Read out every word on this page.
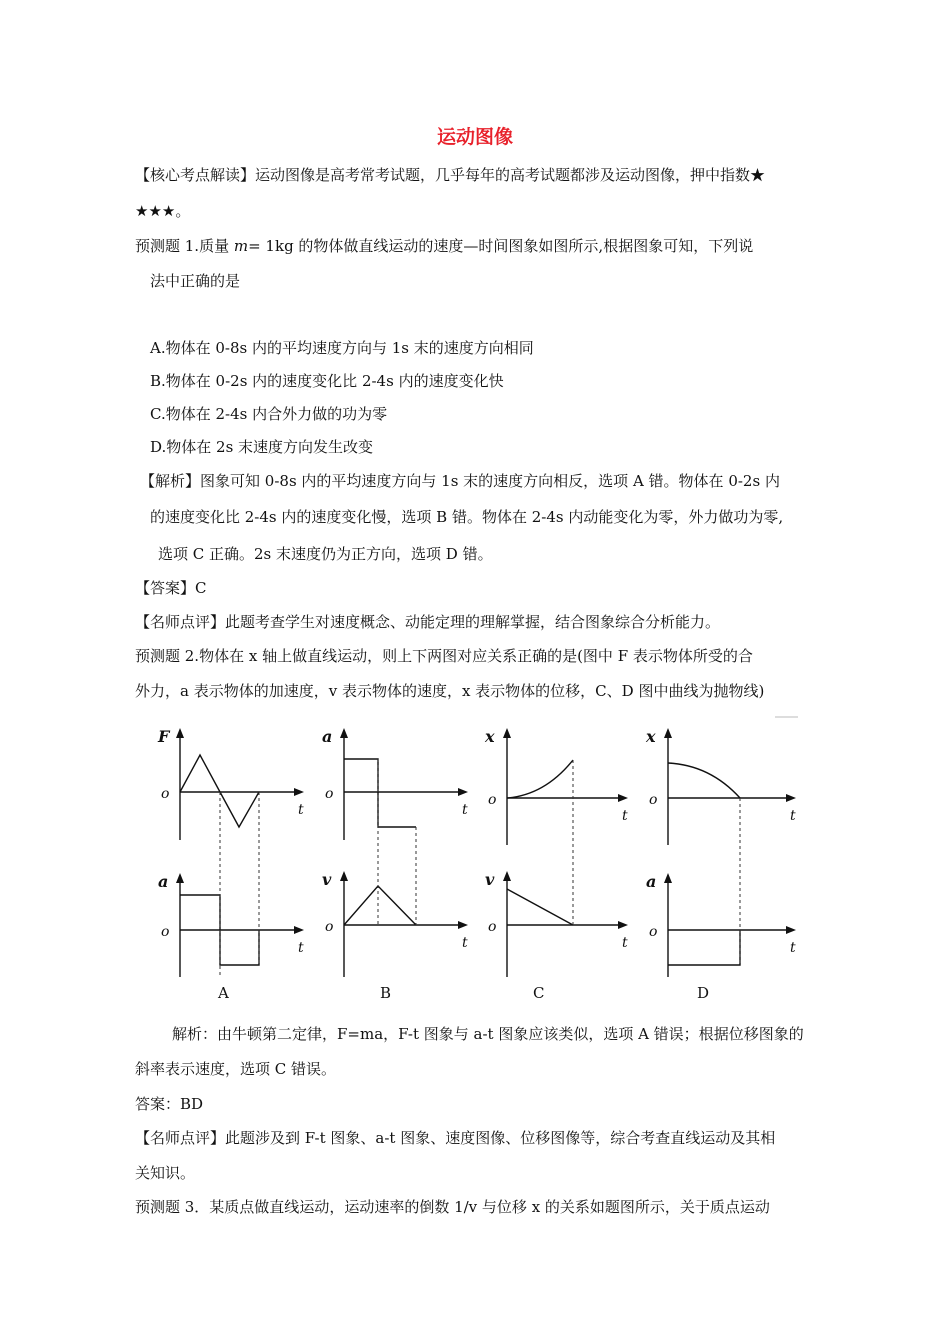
运动图像
【核心考点解读】运动图像是高考常考试题，几乎每年的高考试题都涉及运动图像，押中指数★
★★★。
预测题 1.质量 m= 1kg 的物体做直线运动的速度—时间图象如图所示,根据图象可知，下列说
法中正确的是
A.物体在 0-8s 内的平均速度方向与 1s 末的速度方向相同
B.物体在 0-2s 内的速度变化比 2-4s 内的速度变化快
C.物体在 2-4s 内合外力做的功为零
D.物体在 2s 末速度方向发生改变
【解析】图象可知 0-8s 内的平均速度方向与 1s 末的速度方向相反，选项 A 错。物体在 0-2s 内
的速度变化比 2-4s 内的速度变化慢，选项 B 错。物体在 2-4s 内动能变化为零，外力做功为零,
选项 C 正确。2s 末速度仍为正方向，选项 D 错。
【答案】C
【名师点评】此题考查学生对速度概念、动能定理的理解掌握，结合图象综合分析能力。
预测题 2.物体在 x 轴上做直线运动，则上下两图对应关系正确的是(图中 F 表示物体所受的合
外力，a 表示物体的加速度，v 表示物体的速度，x 表示物体的位移，C、D 图中曲线为抛物线)
F
o
t
a
o
t
A
a
o
t
v
o
t
B
x
o
t
v
o
t
C
x
o
t
a
o
t
D
解析：由牛顿第二定律，F=ma，F-t 图象与 a-t 图象应该类似，选项 A 错误；根据位移图象的
斜率表示速度，选项 C 错误。
答案：BD
【名师点评】此题涉及到 F-t 图象、a-t 图象、速度图像、位移图像等，综合考查直线运动及其相
关知识。
预测题 3．某质点做直线运动，运动速率的倒数 1/v 与位移 x 的关系如题图所示，关于质点运动
